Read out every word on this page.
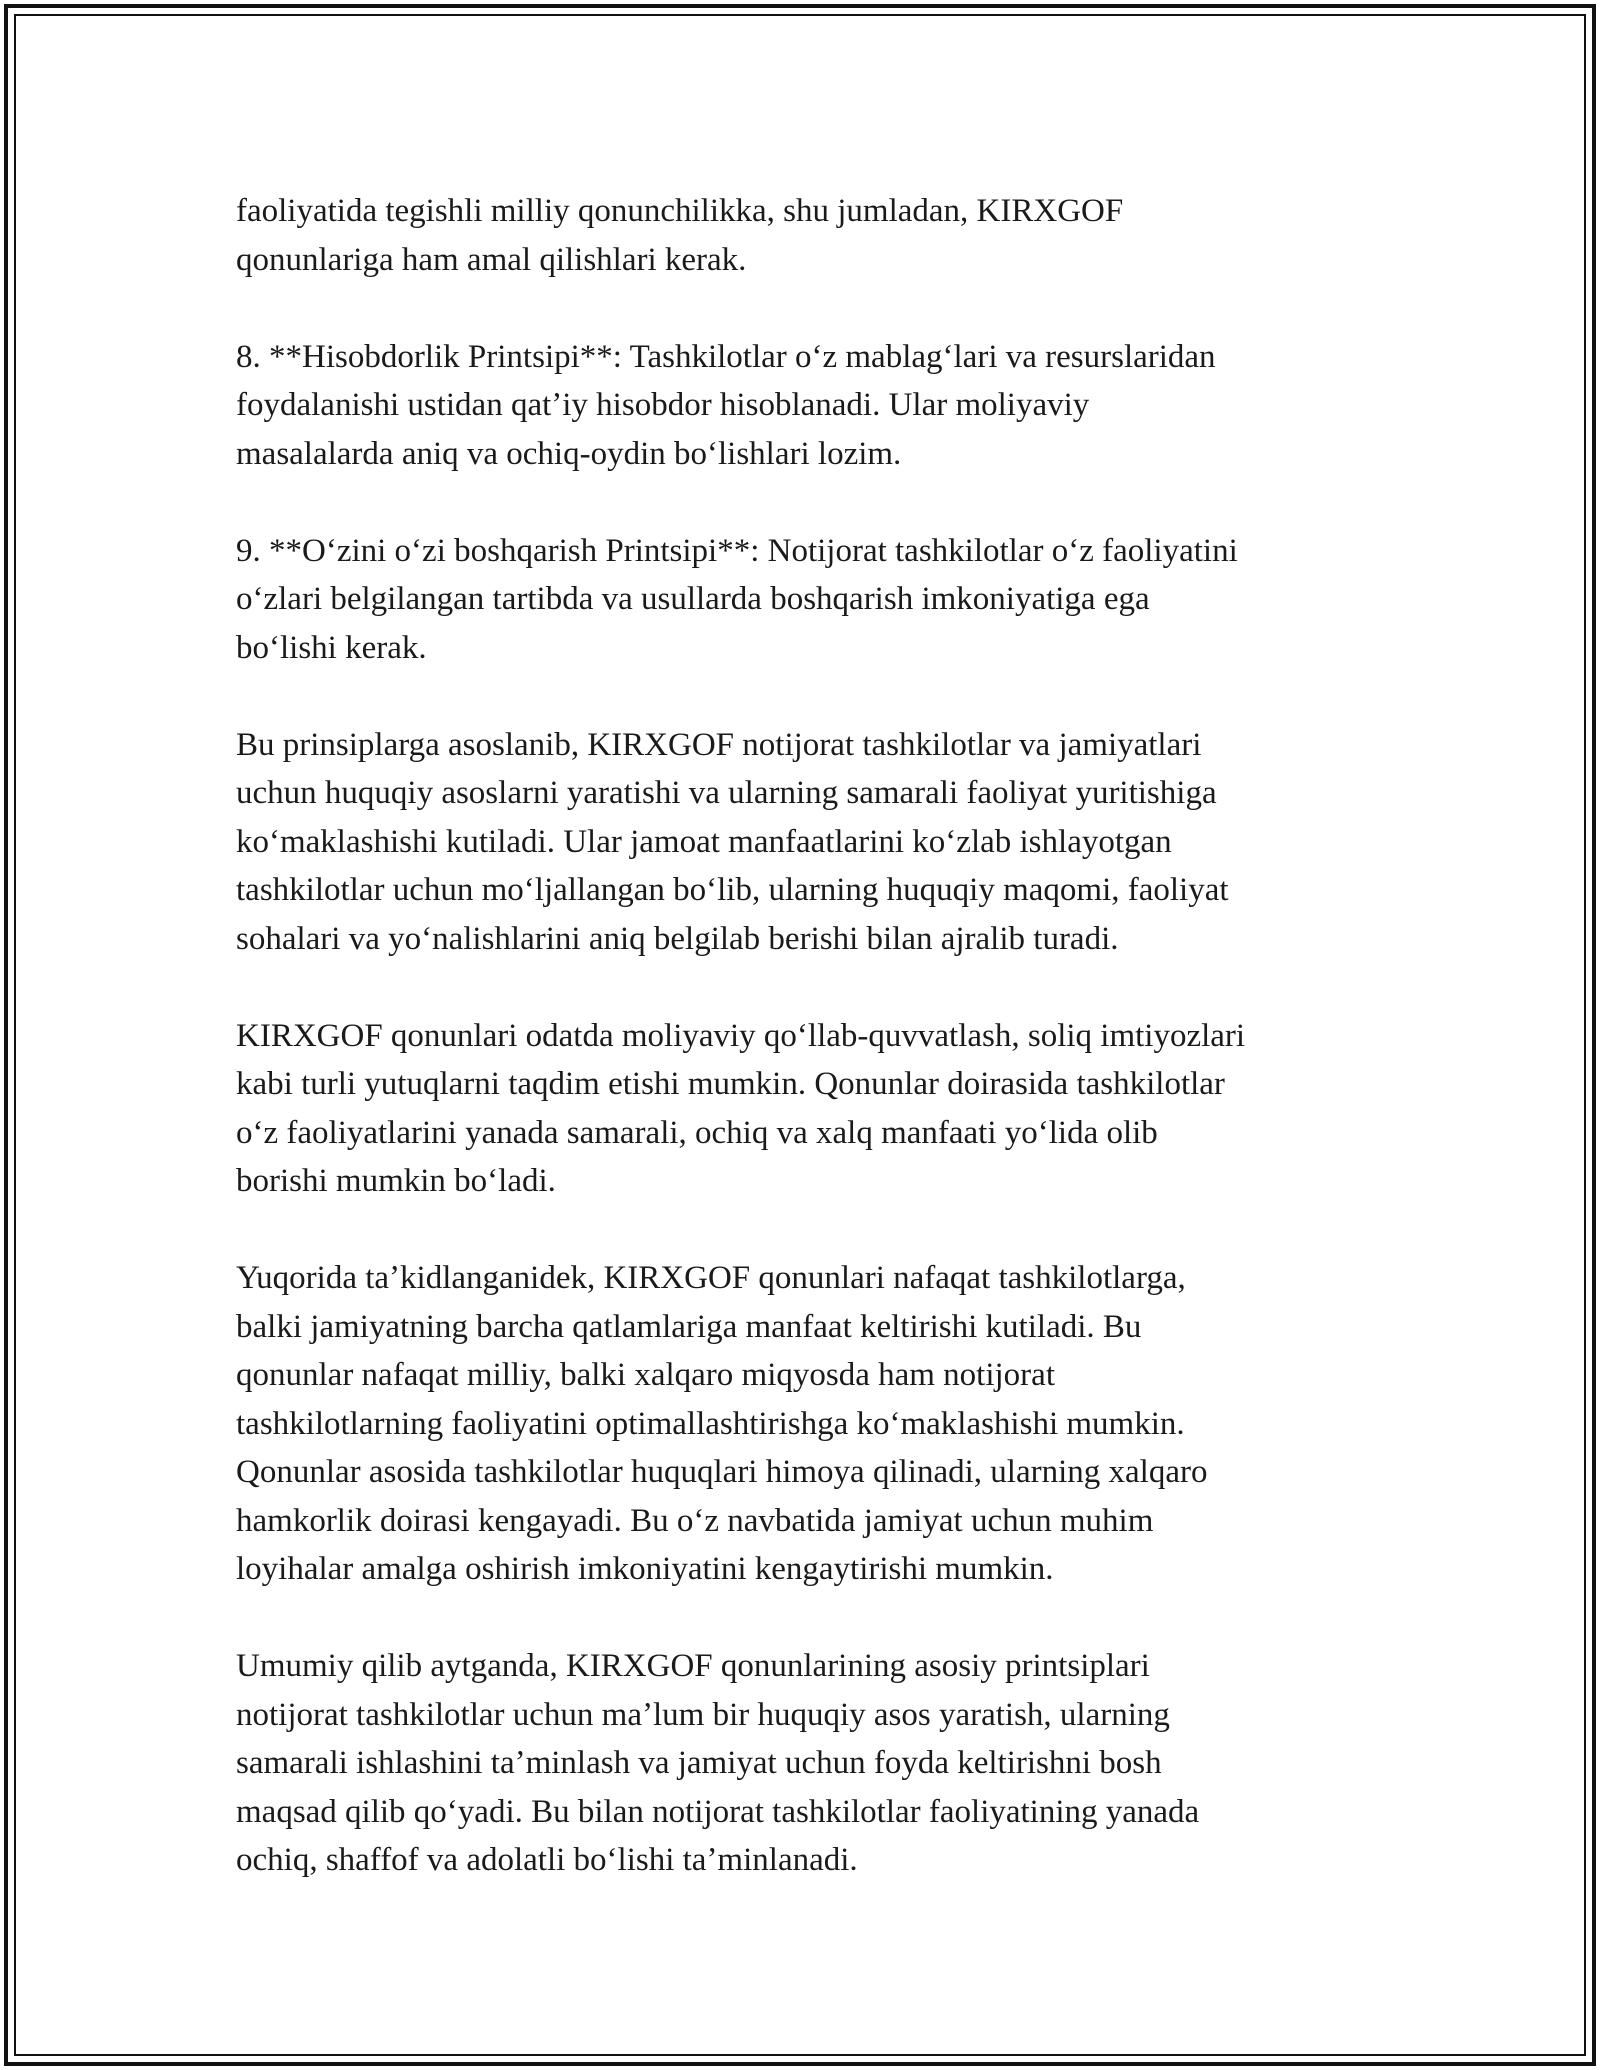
faoliyatida tegishli milliy qonunchilikka, shu jumladan, KIRXGOF
qonunlariga ham amal qilishlari kerak.

8. **Hisobdorlik Printsipi**: Tashkilotlar oʻz mablagʻlari va resurslaridan
foydalanishi ustidan qatʼiy hisobdor hisoblanadi. Ular moliyaviy
masalalarda aniq va ochiq-oydin boʻlishlari lozim.

9. **Oʻzini oʻzi boshqarish Printsipi**: Notijorat tashkilotlar oʻz faoliyatini
oʻzlari belgilangan tartibda va usullarda boshqarish imkoniyatiga ega
boʻlishi kerak.

Bu prinsiplarga asoslanib, KIRXGOF notijorat tashkilotlar va jamiyatlari
uchun huquqiy asoslarni yaratishi va ularning samarali faoliyat yuritishiga
koʻmaklashishi kutiladi. Ular jamoat manfaatlarini koʻzlab ishlayotgan
tashkilotlar uchun moʻljallangan boʻlib, ularning huquqiy maqomi, faoliyat
sohalari va yoʻnalishlarini aniq belgilab berishi bilan ajralib turadi.

KIRXGOF qonunlari odatda moliyaviy qoʻllab-quvvatlash, soliq imtiyozlari
kabi turli yutuqlarni taqdim etishi mumkin. Qonunlar doirasida tashkilotlar
oʻz faoliyatlarini yanada samarali, ochiq va xalq manfaati yoʻlida olib
borishi mumkin boʻladi.

Yuqorida taʼkidlanganidek, KIRXGOF qonunlari nafaqat tashkilotlarga,
balki jamiyatning barcha qatlamlariga manfaat keltirishi kutiladi. Bu
qonunlar nafaqat milliy, balki xalqaro miqyosda ham notijorat
tashkilotlarning faoliyatini optimallashtirishga koʻmaklashishi mumkin.
Qonunlar asosida tashkilotlar huquqlari himoya qilinadi, ularning xalqaro
hamkorlik doirasi kengayadi. Bu oʻz navbatida jamiyat uchun muhim
loyihalar amalga oshirish imkoniyatini kengaytirishi mumkin.

Umumiy qilib aytganda, KIRXGOF qonunlarining asosiy printsiplari
notijorat tashkilotlar uchun maʼlum bir huquqiy asos yaratish, ularning
samarali ishlashini taʼminlash va jamiyat uchun foyda keltirishni bosh
maqsad qilib qoʻyadi. Bu bilan notijorat tashkilotlar faoliyatining yanada
ochiq, shaffof va adolatli boʻlishi taʼminlanadi.
